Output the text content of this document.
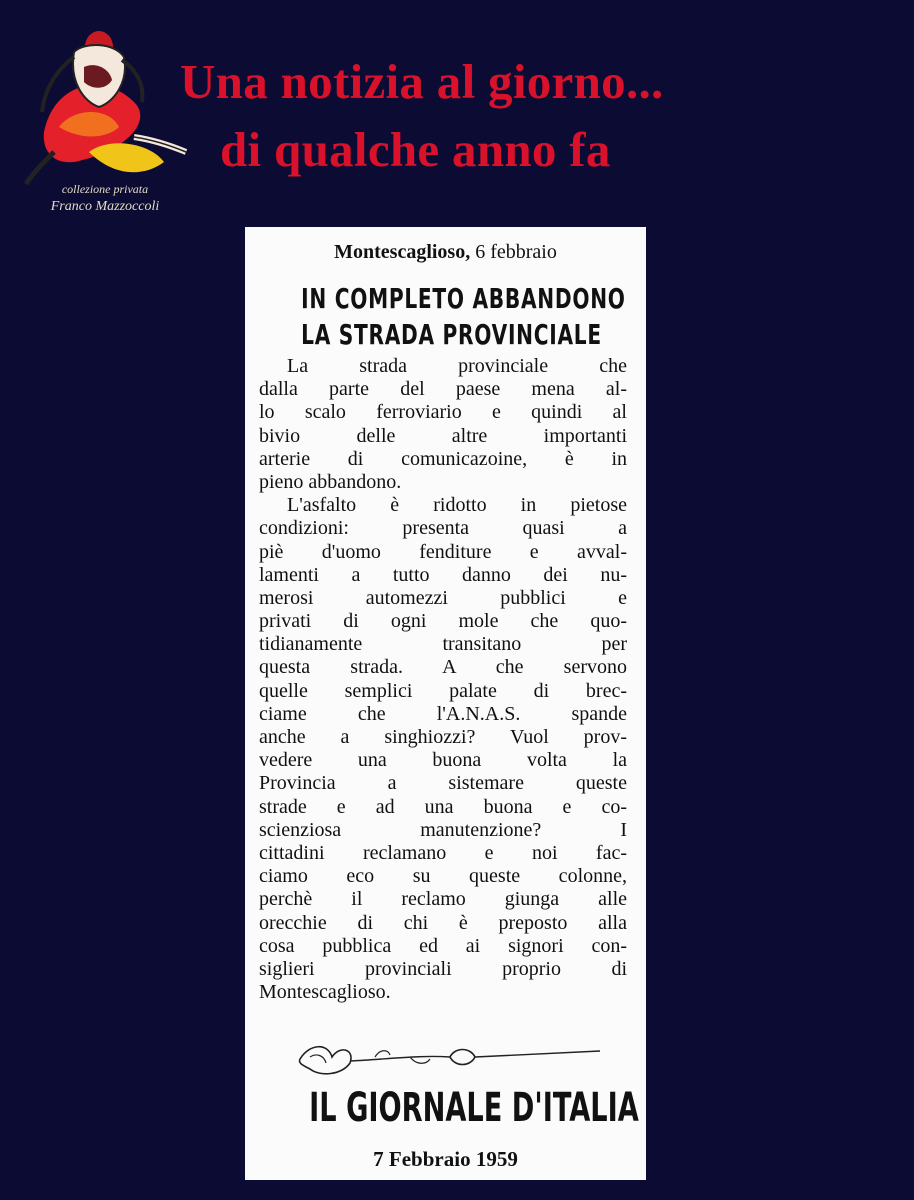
collezione privata
Franco Mazzoccoli
Una notizia al giorno...
di qualche anno fa
Montescaglioso, 6 febbraio
IN COMPLETO ABBANDONO
LA STRADA PROVINCIALE
La strada provinciale che
dalla parte del paese mena al-
lo scalo ferroviario e quindi al
bivio delle altre importanti
arterie di comunicazoine, è in
pieno abbandono.
L'asfalto è ridotto in pietose
condizioni: presenta quasi a
piè d'uomo fenditure e avval-
lamenti a tutto danno dei nu-
merosi automezzi pubblici e
privati di ogni mole che quo-
tidianamente transitano per
questa strada. A che servono
quelle semplici palate di brec-
ciame che l'A.N.A.S. spande
anche a singhiozzi? Vuol prov-
vedere una buona volta la
Provincia a sistemare queste
strade e ad una buona e co-
scienziosa manutenzione? I
cittadini reclamano e noi fac-
ciamo eco su queste colonne,
perchè il reclamo giunga alle
orecchie di chi è preposto alla
cosa pubblica ed ai signori con-
siglieri provinciali proprio di
Montescaglioso.
IL GIORNALE D'ITALIA
7 Febbraio 1959
